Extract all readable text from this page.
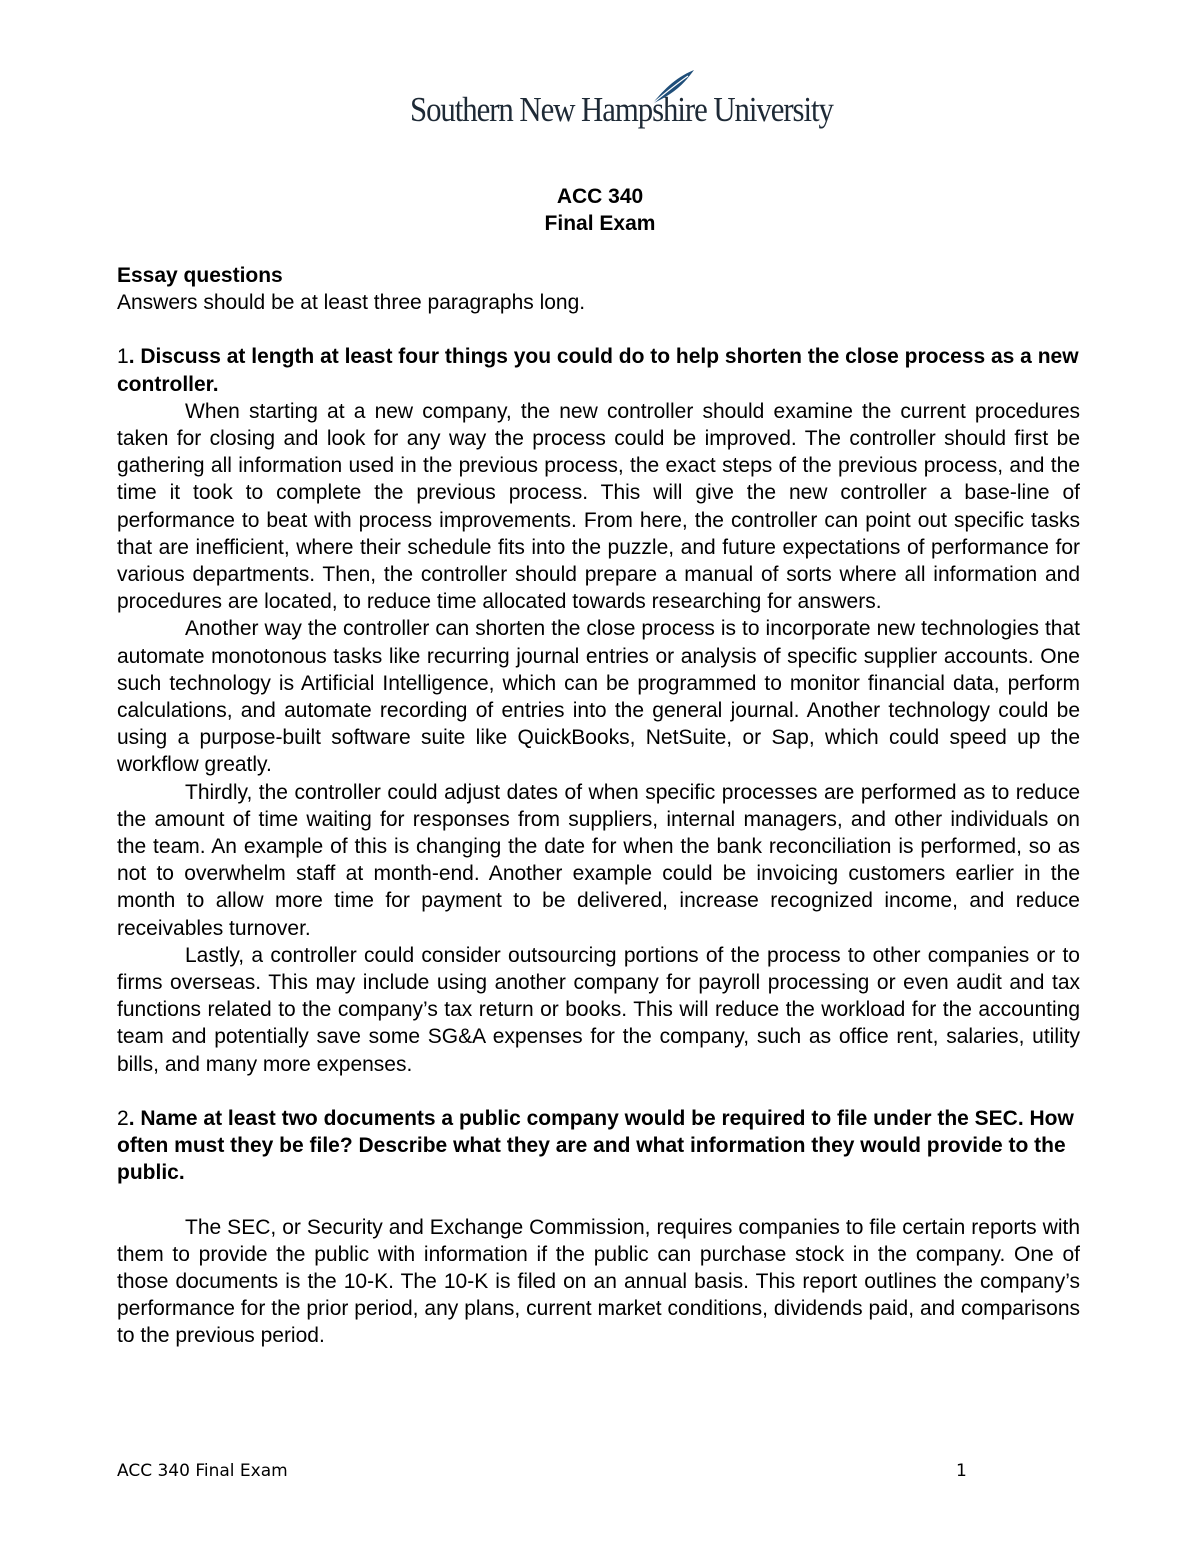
Southern New Hampshire University
ACC 340
Final Exam

Essay questions

Answers should be at least three paragraphs long.

1. Discuss at length at least four things you could do to help shorten the close process as a new controller.

When starting at a new company, the new controller should examine the current procedures taken for closing and look for any way the process could be improved. The controller should first be gathering all information used in the previous process, the exact steps of the previous process, and the time it took to complete the previous process. This will give the new controller a base-line of performance to beat with process improvements. From here, the controller can point out specific tasks that are inefficient, where their schedule fits into the puzzle, and future expectations of performance for various departments. Then, the controller should prepare a manual of sorts where all information and procedures are located, to reduce time allocated towards researching for answers.

Another way the controller can shorten the close process is to incorporate new technologies that automate monotonous tasks like recurring journal entries or analysis of specific supplier accounts. One such technology is Artificial Intelligence, which can be programmed to monitor financial data, perform calculations, and automate recording of entries into the general journal. Another technology could be using a purpose-built software suite like QuickBooks, NetSuite, or Sap, which could speed up the workflow greatly.

Thirdly, the controller could adjust dates of when specific processes are performed as to reduce the amount of time waiting for responses from suppliers, internal managers, and other individuals on the team. An example of this is changing the date for when the bank reconciliation is performed, so as not to overwhelm staff at month-end. Another example could be invoicing customers earlier in the month to allow more time for payment to be delivered, increase recognized income, and reduce receivables turnover.

Lastly, a controller could consider outsourcing portions of the process to other companies or to firms overseas. This may include using another company for payroll processing or even audit and tax functions related to the company’s tax return or books. This will reduce the workload for the accounting team and potentially save some SG&A expenses for the company, such as office rent, salaries, utility bills, and many more expenses.

2. Name at least two documents a public company would be required to file under the SEC. How often must they be file? Describe what they are and what information they would provide to the public.

The SEC, or Security and Exchange Commission, requires companies to file certain reports with them to provide the public with information if the public can purchase stock in the company. One of those documents is the 10-K. The 10-K is filed on an annual basis. This report outlines the company’s performance for the prior period, any plans, current market conditions, dividends paid, and comparisons to the previous period.

ACC 340 Final Exam	1
